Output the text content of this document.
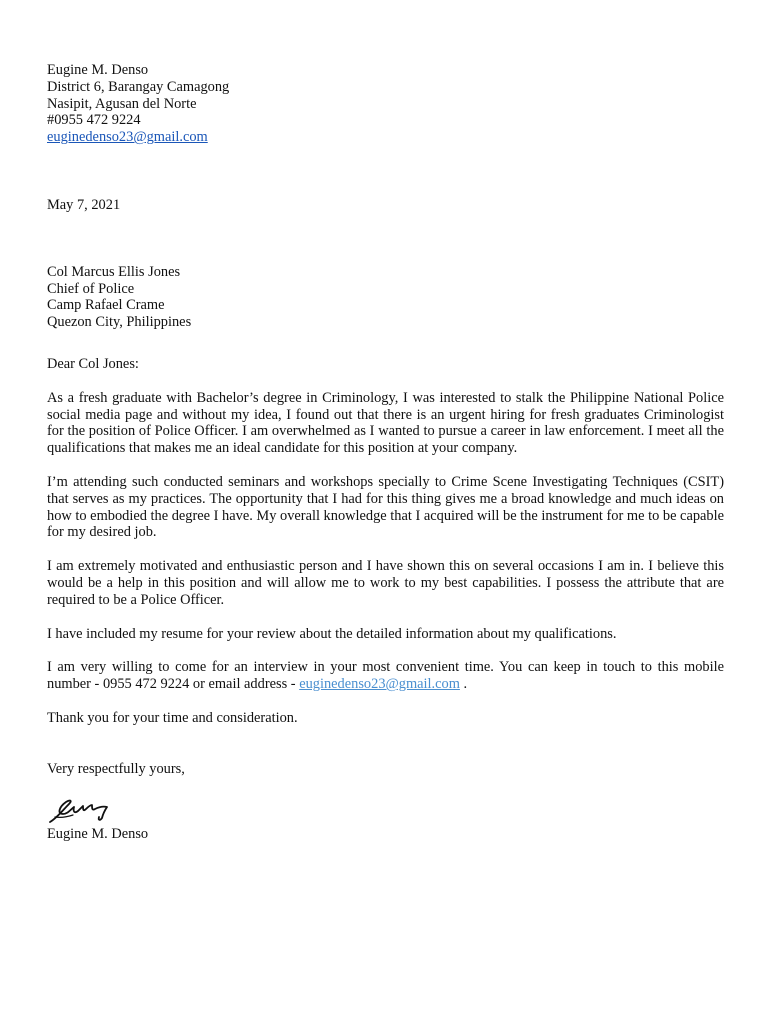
Eugine M. Denso
District 6, Barangay Camagong
Nasipit, Agusan del Norte
#0955 472 9224
euginedenso23@gmail.com
May 7, 2021
Col Marcus Ellis Jones
Chief of Police
Camp Rafael Crame
Quezon City, Philippines
Dear Col Jones:

As a fresh graduate with Bachelor’s degree in Criminology, I was interested to stalk the Philippine National Police social media page and without my idea, I found out that there is an urgent hiring for fresh graduates Criminologist for the position of Police Officer. I am overwhelmed as I wanted to pursue a career in law enforcement. I meet all the qualifications that makes me an ideal candidate for this position at your company.

I’m attending such conducted seminars and workshops specially to Crime Scene Investigating Techniques (CSIT) that serves as my practices. The opportunity that I had for this thing gives me a broad knowledge and much ideas on how to embodied the degree I have. My overall knowledge that I acquired will be the instrument for me to be capable for my desired job.

I am extremely motivated and enthusiastic person and I have shown this on several occasions I am in. I believe this would be a help in this position and will allow me to work to my best capabilities. I possess the attribute that are required to be a Police Officer.

I have included my resume for your review about the detailed information about my qualifications.

I am very willing to come for an interview in your most convenient time. You can keep in touch to this mobile number - 0955 472 9224 or email address - euginedenso23@gmail.com .

Thank you for your time and consideration.

Very respectfully yours,
Eugine M. Denso
